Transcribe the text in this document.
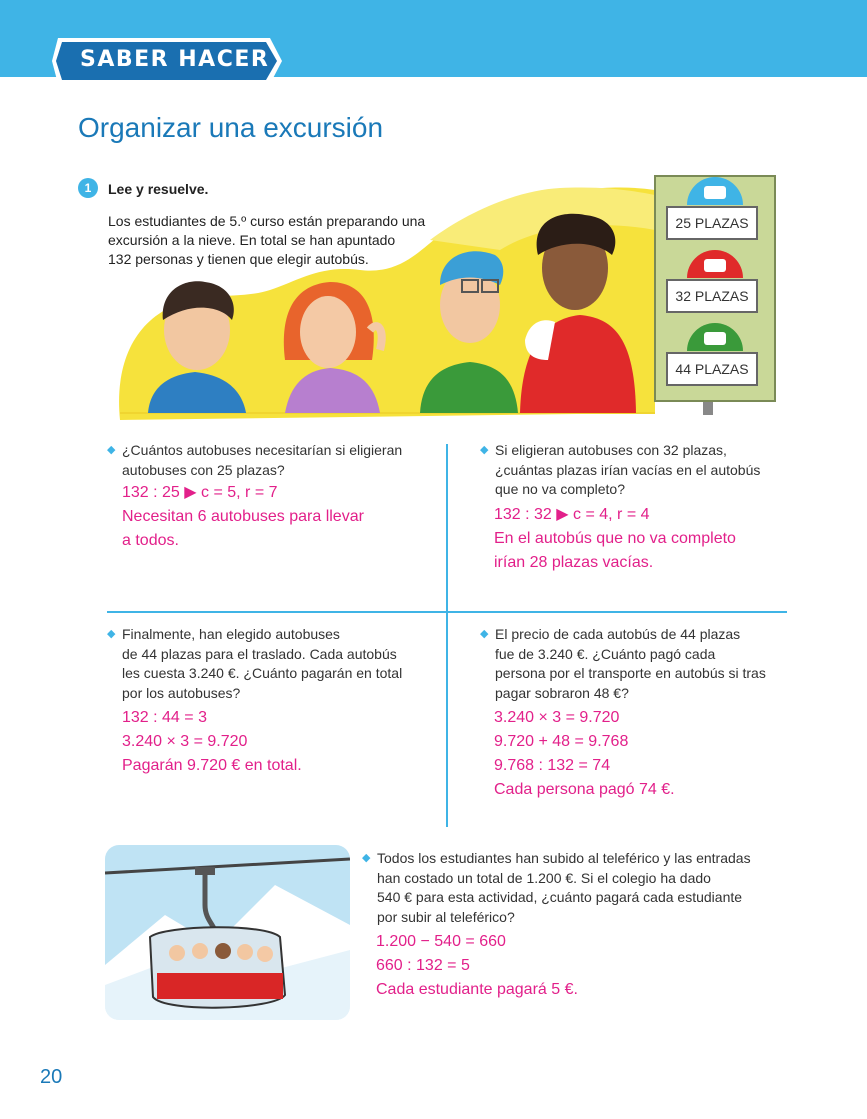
SABER HACER
Organizar una excursión
1	Lee y resuelve.
Los estudiantes de 5.º curso están preparando una
excursión a la nieve. En total se han apuntado
132 personas y tienen que elegir autobús.
25 PLAZAS
32 PLAZAS
44 PLAZAS
◆ ¿Cuántos autobuses necesitarían si eligieran
autobuses con 25 plazas?
132 : 25 ▶ c = 5, r = 7
Necesitan 6 autobuses para llevar
a todos.
◆ Si eligieran autobuses con 32 plazas,
¿cuántas plazas irían vacías en el autobús
que no va completo?
132 : 32 ▶ c = 4, r = 4
En el autobús que no va completo
irían 28 plazas vacías.
◆ Finalmente, han elegido autobuses
de 44 plazas para el traslado. Cada autobús
les cuesta 3.240 €. ¿Cuánto pagarán en total
por los autobuses?
132 : 44 = 3
3.240 × 3 = 9.720
Pagarán 9.720 € en total.
◆ El precio de cada autobús de 44 plazas
fue de 3.240 €. ¿Cuánto pagó cada
persona por el transporte en autobús si tras
pagar sobraron 48 €?
3.240 × 3 = 9.720
9.720 + 48 = 9.768
9.768 : 132 = 74
Cada persona pagó 74 €.
◆ Todos los estudiantes han subido al teleférico y las entradas
han costado un total de 1.200 €. Si el colegio ha dado
540 € para esta actividad, ¿cuánto pagará cada estudiante
por subir al teleférico?
1.200 − 540 = 660
660 : 132 = 5
Cada estudiante pagará 5 €.
20
